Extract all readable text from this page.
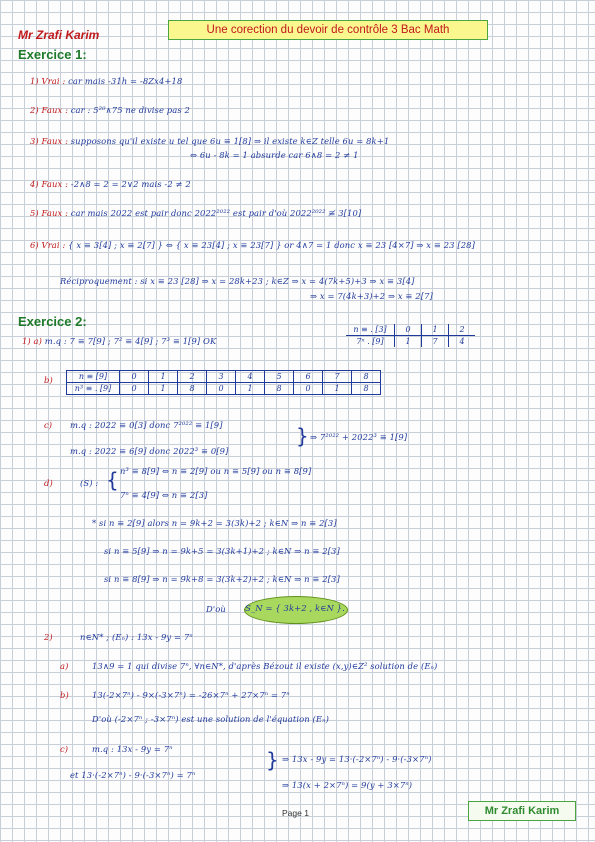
Mr Zrafi Karim	Une corection du devoir de contrôle 3 Bac Math
Exercice 1:
1) Vrai : car mais -31h = -8Zx4+18
2) Faux : car : 5²⁰∧75 ne divise pas 2
3) Faux : supposons qu'il existe u tel que 6u ≡ 1[8] ⇒ il existe k∈Z telle 6u = 8k+1
⇔ 6u - 8k = 1 absurde car 6∧8 = 2 ≠ 1
4) Faux : -2∧8 = 2 = 2∨2 mais -2 ≠ 2
5) Faux : car mais 2022 est pair donc 2022²⁰²² est pair d'où 2022²⁰²² ≢ 3[10]
6) Vrai : { x ≡ 3[4] ; x ≡ 2[7] } ⇔ { x ≡ 23[4] ; x ≡ 23[7] } or 4∧7 = 1 donc x ≡ 23 [4×7] ⇒ x ≡ 23 [28]
Réciproquement : si x ≡ 23 [28] ⇒ x = 28k+23 ; k∈Z ⇒ x = 4(7k+5)+3 ⇒ x ≡ 3[4]
⇒ x = 7(4k+3)+2 ⇒ x ≡ 2[7]
Exercice 2:
1) a) m.q : 7 ≡ 7[9] ; 7² ≡ 4[9] ; 7³ ≡ 1[9] OK
n ≡ . [3]	0	1	2
7ⁿ . [9]	1	7	4
b)	n ≡ [9]	0	1	2	3	4	5	6	7	8
n³ ≡ . [9]	0	1	8	0	1	8	0	1	8
c) m.q : 2022 ≡ 0[3] donc 7²⁰²² ≡ 1[9]
m.q : 2022 ≡ 6[9] donc 2022³ ≡ 0[9]
} ⇒ 7²⁰²² + 2022³ ≡ 1[9]
d)	(S) : { n³ ≡ 8[9] ⇔ n ≡ 2[9] ou n ≡ 5[9] ou n ≡ 8[9]
7ⁿ ≡ 4[9] ⇔ n ≡ 2[3]
* si n ≡ 2[9] alors n = 9k+2 = 3(3k)+2 ; k∈N ⇒ n ≡ 2[3]
si n ≡ 5[9] ⇒ n = 9k+5 = 3(3k+1)+2 ; k∈N ⇒ n ≡ 2[3]
si n ≡ 8[9] ⇒ n = 9k+8 = 3(3k+2)+2 ; k∈N ⇒ n ≡ 2[3]
D'où S_N = { 3k+2 , k∈N }.
2)	n∈N* ; (Eₙ) : 13x - 9y = 7ⁿ
a)	13∧9 = 1 qui divise 7ⁿ, ∀n∈N*, d'après Bézout il existe (x,y)∈Z² solution de (Eₙ)
b)	13(-2×7ⁿ) - 9×(-3×7ⁿ) = -26×7ⁿ + 27×7ⁿ = 7ⁿ
D'où (-2×7ⁿ ; -3×7ⁿ) est une solution de l'équation (Eₙ)
c)	m.q : 13x - 9y = 7ⁿ
et 13·(-2×7ⁿ) - 9·(-3×7ⁿ) = 7ⁿ
} ⇒ 13x - 9y = 13·(-2×7ⁿ) - 9·(-3×7ⁿ)
⇒ 13(x + 2×7ⁿ) = 9(y + 3×7ⁿ)
Page 1	Mr Zrafi Karim
